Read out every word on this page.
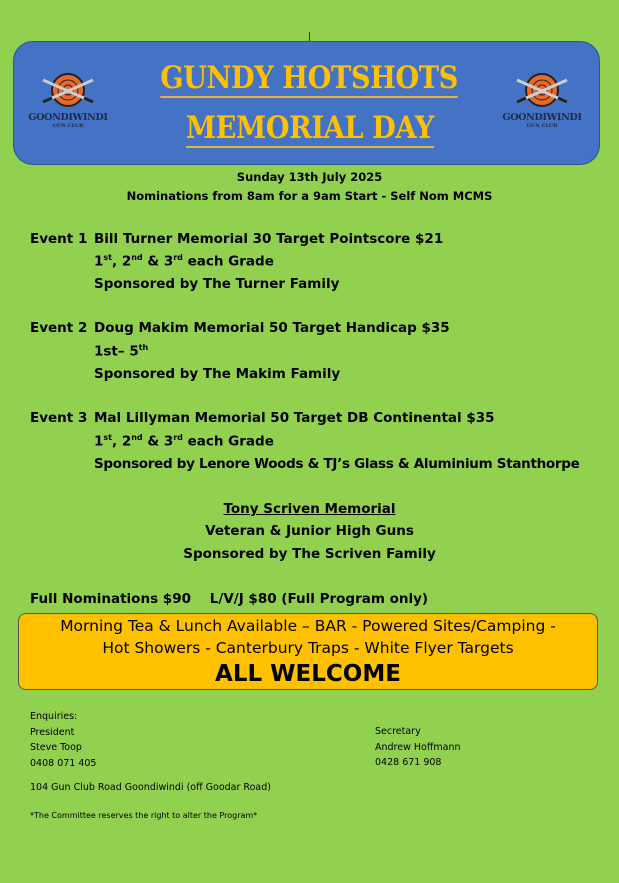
GOONDIWINDI
GUN CLUB
GOONDIWINDI
GUN CLUB
GUNDY HOTSHOTS
MEMORIAL DAY
Sunday 13th July 2025
Nominations from 8am for a 9am Start - Self Nom MCMS
Event 1 Bill Turner Memorial 30 Target Pointscore $21
1st, 2nd & 3rd each Grade
Sponsored by The Turner Family
Event 2 Doug Makim Memorial 50 Target Handicap $35
1st– 5th
Sponsored by The Makim Family
Event 3 Mal Lillyman Memorial 50 Target DB Continental $35
1st, 2nd & 3rd each Grade
Sponsored by Lenore Woods & TJ’s Glass & Aluminium Stanthorpe
Tony Scriven Memorial
Veteran & Junior High Guns
Sponsored by The Scriven Family
Full Nominations $90    L/V/J $80 (Full Program only)
Morning Tea & Lunch Available – BAR - Powered Sites/Camping -
Hot Showers - Canterbury Traps - White Flyer Targets
ALL WELCOME
Enquiries:
President
Steve Toop
0408 071 405
Secretary
Andrew Hoffmann
0428 671 908
104 Gun Club Road Goondiwindi (off Goodar Road)
*The Committee reserves the right to alter the Program*
